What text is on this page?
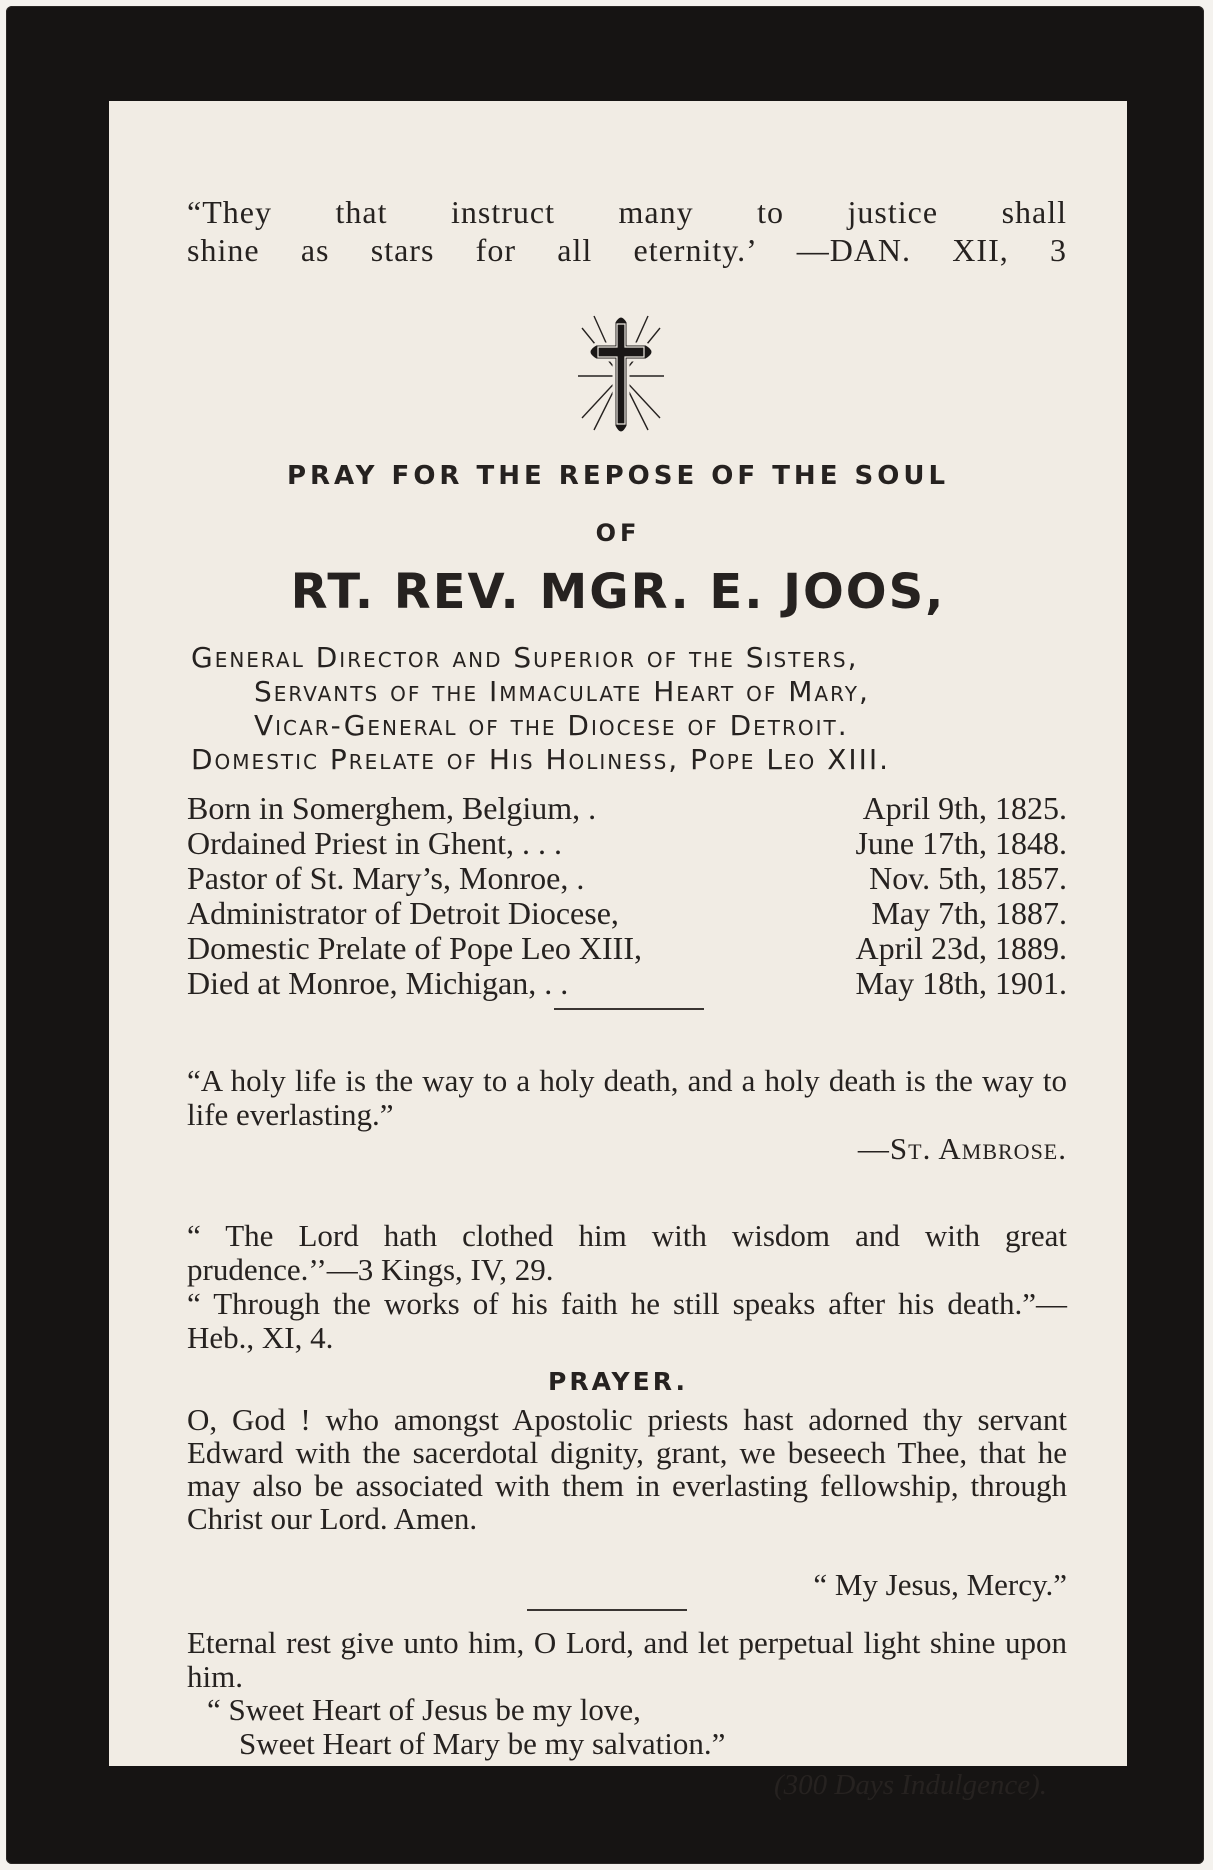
“They that instruct many to justice shall
shine as stars for all eternity.’ —DAN. XII, 3
PRAY FOR THE REPOSE OF THE SOUL
OF
RT. REV. MGR. E. JOOS,
General Director and Superior of the Sisters,
Servants of the Immaculate Heart of Mary,
Vicar-General of the Diocese of Detroit.
Domestic Prelate of His Holiness, Pope Leo XIII.
Born in Somerghem, Belgium, .	April 9th, 1825.
Ordained Priest in Ghent, . . .	June 17th, 1848.
Pastor of St. Mary’s, Monroe, .	Nov. 5th, 1857.
Administrator of Detroit Diocese,	May 7th, 1887.
Domestic Prelate of Pope Leo XIII,	April 23d, 1889.
Died at Monroe, Michigan, . .	May 18th, 1901.
“A holy life is the way to a holy death, and a holy death is the way to life everlasting.”
—St. Ambrose.
“ The Lord hath clothed him with wisdom and with great prudence.’’—3 Kings, IV, 29.
“ Through the works of his faith he still speaks after his death.”—Heb., XI, 4.
PRAYER.
O, God ! who amongst Apostolic priests hast adorned thy servant Edward with the sacerdotal dignity, grant, we beseech Thee, that he may also be associated with them in everlasting fellowship, through Christ our Lord. Amen.
“ My Jesus, Mercy.”
Eternal rest give unto him, O Lord, and let perpetual light shine upon him.
“ Sweet Heart of Jesus be my love,
Sweet Heart of Mary be my salvation.”
(300 Days Indulgence).
